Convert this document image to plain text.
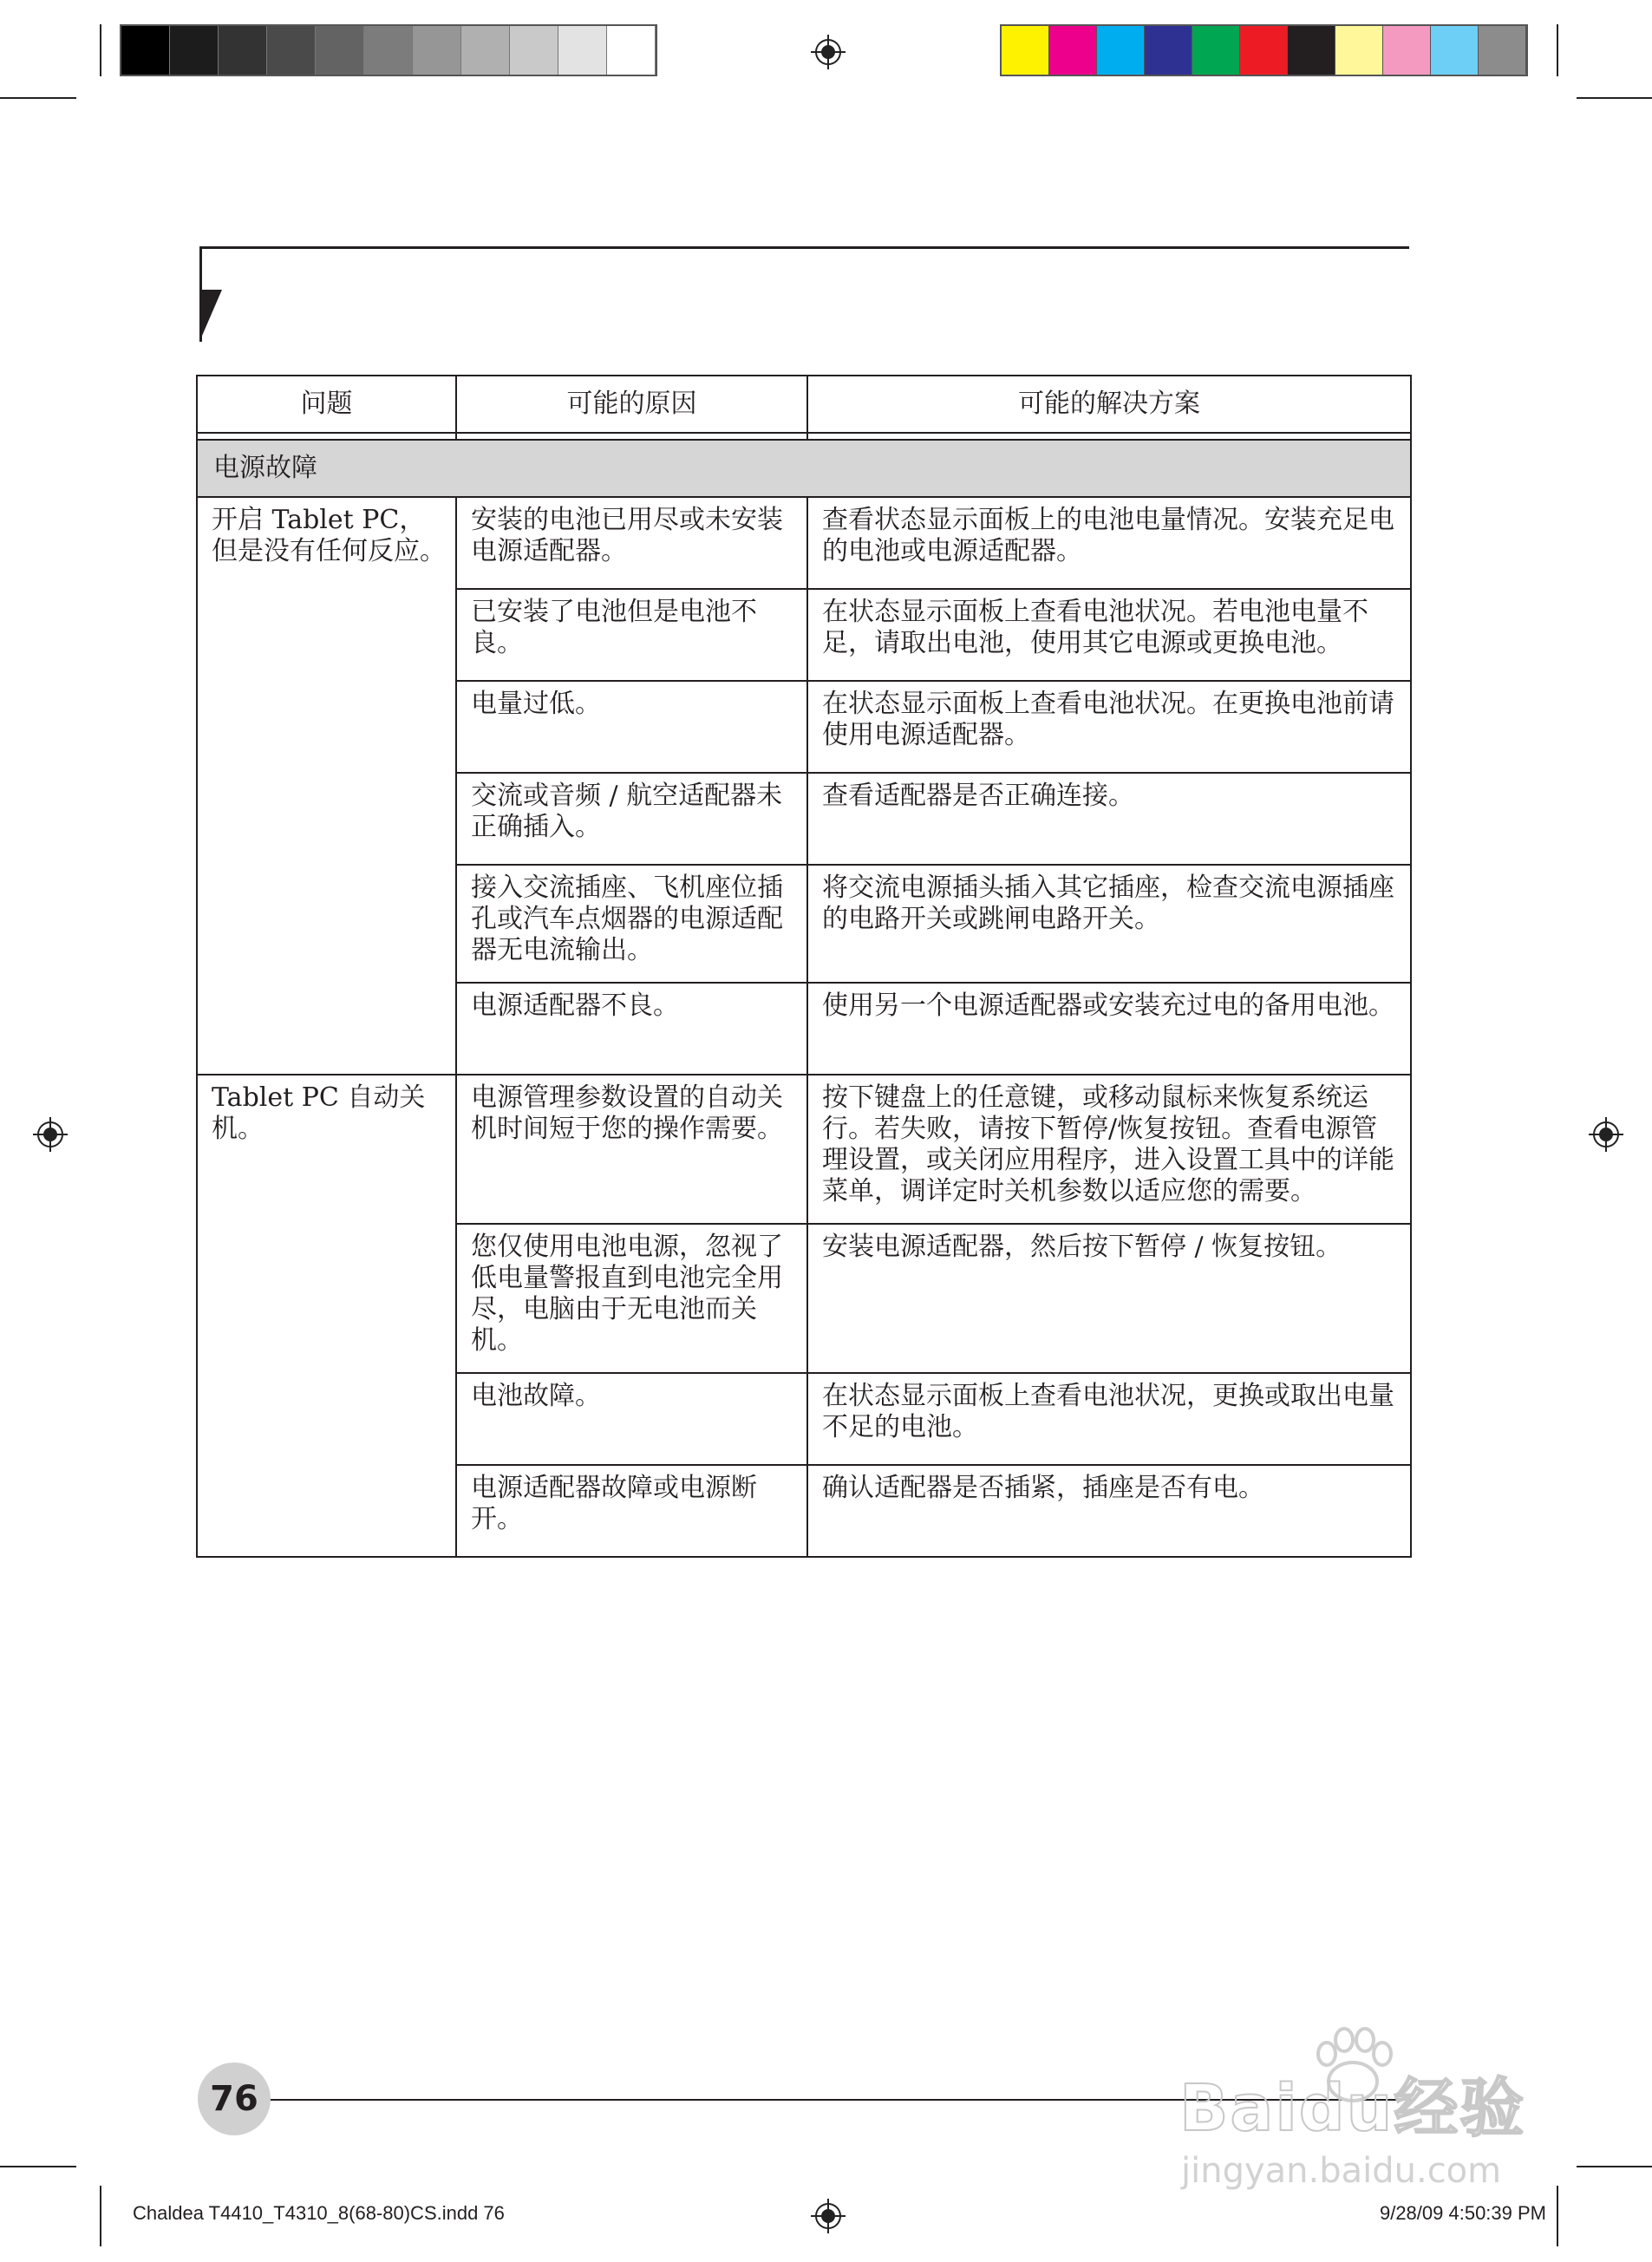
问题	可能的原因	可能的解决方案

电源故障		
开启 Tablet PC，但是没有任何反应。	安装的电池已用尽或未安装电源适配器。	查看状态显示面板上的电池电量情况。安装充足电的电池或电源适配器。
	已安装了电池但是电池不良。	在状态显示面板上查看电池状况。若电池电量不足，请取出电池，使用其它电源或更换电池。
	电量过低。	在状态显示面板上查看电池状况。在更换电池前请使用电源适配器。
	交流或音频 / 航空适配器未正确插入。	查看适配器是否正确连接。
	接入交流插座、飞机座位插孔或汽车点烟器的电源适配器无电流输出。	将交流电源插头插入其它插座，检查交流电源插座的电路开关或跳闸电路开关。
	电源适配器不良。	使用另一个电源适配器或安装充过电的备用电池。
Tablet PC 自动关机。	电源管理参数设置的自动关机时间短于您的操作需要。	按下键盘上的任意键，或移动鼠标来恢复系统运行。若失败，请按下暂停/恢复按钮。查看电源管理设置，或关闭应用程序，进入设置工具中的详能菜单，调详定时关机参数以适应您的需要。
	您仅使用电池电源，忽视了低电量警报直到电池完全用尽，电脑由于无电池而关机。	安装电源适配器，然后按下暂停 / 恢复按钮。
	电池故障。	在状态显示面板上查看电池状况，更换或取出电量不足的电池。
	电源适配器故障或电源断开。	确认适配器是否插紧，插座是否有电。
76	Baidu经验
jingyan.baidu.com
Chaldea T4410_T4310_8(68-80)CS.indd 76	9/28/09 4:50:39 PM
